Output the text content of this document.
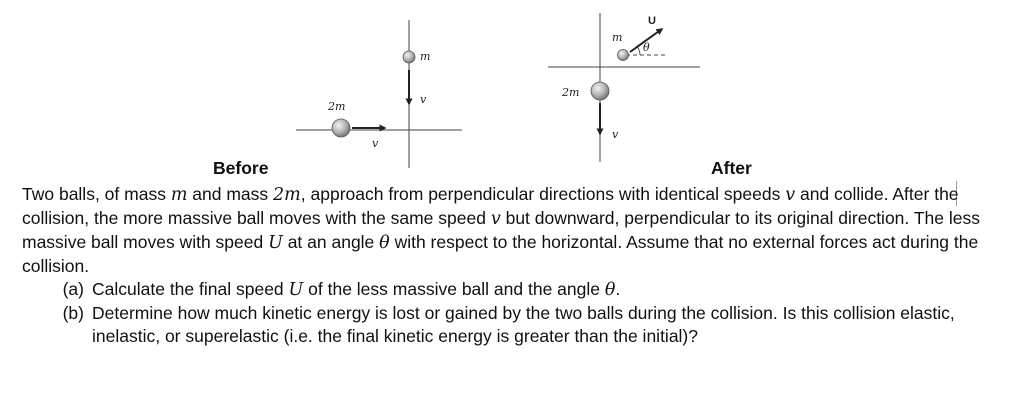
m
v
2m
v
m
θ
U
2m
v
Before	After

Two balls, of mass m and mass 2m, approach from perpendicular directions with identical speeds v and collide. After the collision, the more massive ball moves with the same speed v but downward, perpendicular to its original direction. The less massive ball moves with speed U at an angle θ with respect to the horizontal. Assume that no external forces act during the collision.

(a) Calculate the final speed U of the less massive ball and the angle θ.
(b) Determine how much kinetic energy is lost or gained by the two balls during the collision. Is this collision elastic, inelastic, or superelastic (i.e. the final kinetic energy is greater than the initial)?
